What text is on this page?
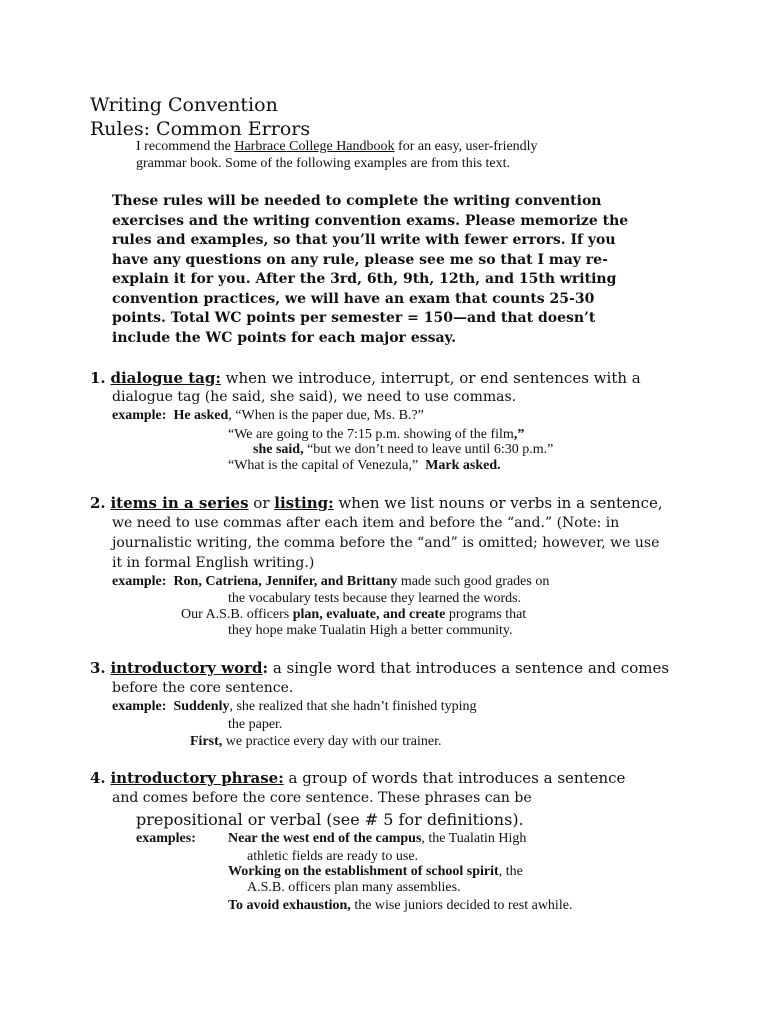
Writing Convention
Rules: Common Errors
I recommend the Harbrace College Handbook for an easy, user-friendly
grammar book. Some of the following examples are from this text.
These rules will be needed to complete the writing convention
exercises and the writing convention exams. Please memorize the
rules and examples, so that you’ll write with fewer errors. If you
have any questions on any rule, please see me so that I may re-
explain it for you. After the 3rd, 6th, 9th, 12th, and 15th writing
convention practices, we will have an exam that counts 25-30
points. Total WC points per semester = 150—and that doesn’t
include the WC points for each major essay.
1. dialogue tag: when we introduce, interrupt, or end sentences with a
dialogue tag (he said, she said), we need to use commas.
example: He asked, “When is the paper due, Ms. B.?”
“We are going to the 7:15 p.m. showing of the film,”
she said, “but we don’t need to leave until 6:30 p.m.”
“What is the capital of Venezula,” Mark asked.
2. items in a series or listing: when we list nouns or verbs in a sentence,
we need to use commas after each item and before the “and.” (Note: in
journalistic writing, the comma before the “and” is omitted; however, we use
it in formal English writing.)
example: Ron, Catriena, Jennifer, and Brittany made such good grades on
the vocabulary tests because they learned the words.
Our A.S.B. officers plan, evaluate, and create programs that
they hope make Tualatin High a better community.
3. introductory word: a single word that introduces a sentence and comes
before the core sentence.
example: Suddenly, she realized that she hadn’t finished typing
the paper.
First, we practice every day with our trainer.
4. introductory phrase: a group of words that introduces a sentence
and comes before the core sentence. These phrases can be
prepositional or verbal (see # 5 for definitions).
examples: Near the west end of the campus, the Tualatin High
athletic fields are ready to use.
Working on the establishment of school spirit, the
A.S.B. officers plan many assemblies.
To avoid exhaustion, the wise juniors decided to rest awhile.
